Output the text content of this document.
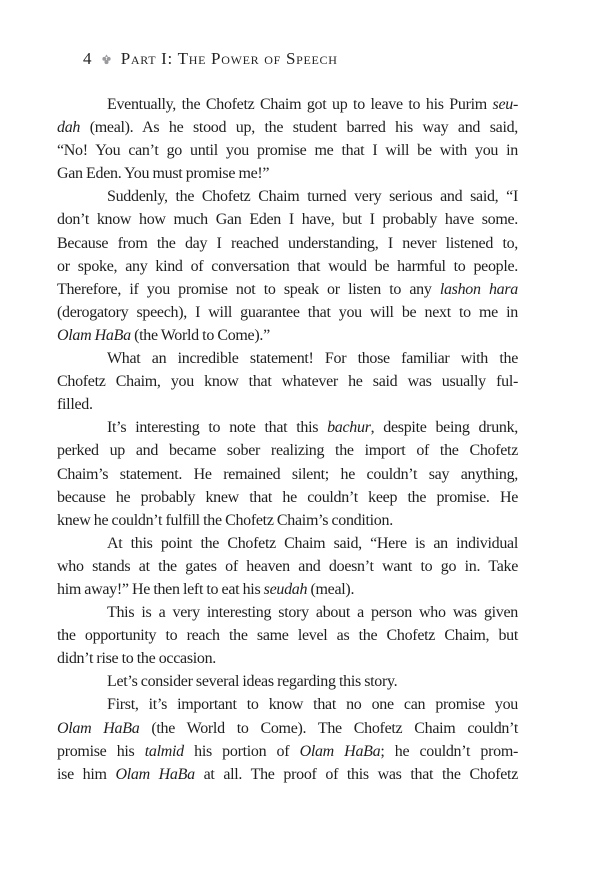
4 Part I: The Power of Speech
Eventually, the Chofetz Chaim got up to leave to his Purim seu-
dah (meal). As he stood up, the student barred his way and said,
“No! You can’t go until you promise me that I will be with you in
Gan Eden. You must promise me!”
Suddenly, the Chofetz Chaim turned very serious and said, “I
don’t know how much Gan Eden I have, but I probably have some.
Because from the day I reached understanding, I never listened to,
or spoke, any kind of conversation that would be harmful to people.
Therefore, if you promise not to speak or listen to any lashon hara
(derogatory speech), I will guarantee that you will be next to me in
Olam HaBa (the World to Come).”
What an incredible statement! For those familiar with the
Chofetz Chaim, you know that whatever he said was usually ful-
filled.
It’s interesting to note that this bachur, despite being drunk,
perked up and became sober realizing the import of the Chofetz
Chaim’s statement. He remained silent; he couldn’t say anything,
because he probably knew that he couldn’t keep the promise. He
knew he couldn’t fulfill the Chofetz Chaim’s condition.
At this point the Chofetz Chaim said, “Here is an individual
who stands at the gates of heaven and doesn’t want to go in. Take
him away!” He then left to eat his seudah (meal).
This is a very interesting story about a person who was given
the opportunity to reach the same level as the Chofetz Chaim, but
didn’t rise to the occasion.
Let’s consider several ideas regarding this story.
First, it’s important to know that no one can promise you
Olam HaBa (the World to Come). The Chofetz Chaim couldn’t
promise his talmid his portion of Olam HaBa; he couldn’t prom-
ise him Olam HaBa at all. The proof of this was that the Chofetz
